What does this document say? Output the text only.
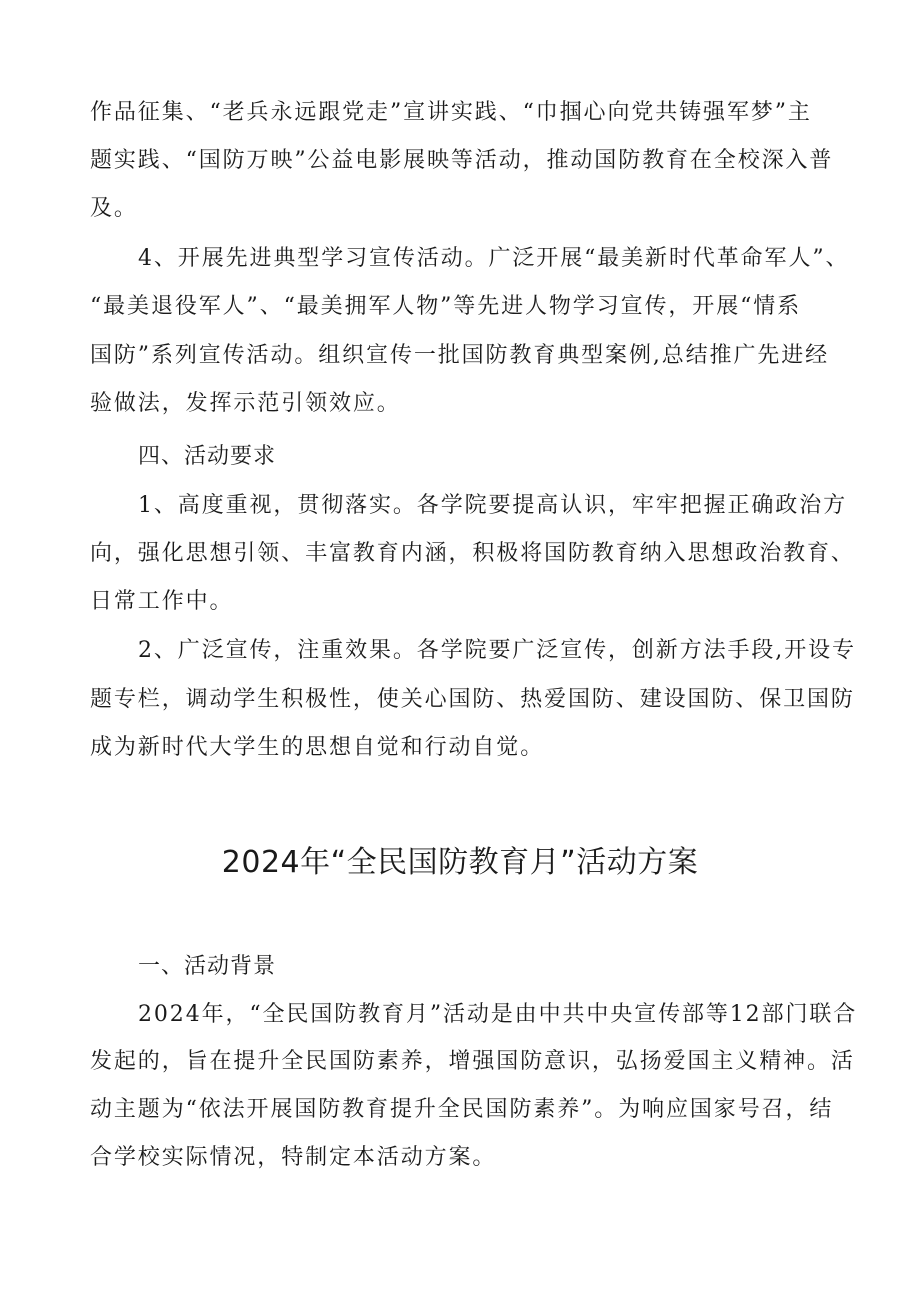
作品征集、“老兵永远跟党走”宣讲实践、“巾掴心向党共铸强军梦”主
题实践、“国防万映”公益电影展映等活动，推动国防教育在全校深入普
及。
4、开展先进典型学习宣传活动。广泛开展“最美新时代革命军人”、
“最美退役军人”、“最美拥军人物”等先进人物学习宣传，开展“情系
国防”系列宣传活动。组织宣传一批国防教育典型案例,总结推广先进经
验做法，发挥示范引领效应。
四、活动要求
1、高度重视，贯彻落实。各学院要提高认识，牢牢把握正确政治方
向，强化思想引领、丰富教育内涵，积极将国防教育纳入思想政治教育、
日常工作中。
2、广泛宣传，注重效果。各学院要广泛宣传，创新方法手段,开设专
题专栏，调动学生积极性，使关心国防、热爱国防、建设国防、保卫国防
成为新时代大学生的思想自觉和行动自觉。
2024年“全民国防教育月”活动方案
一、活动背景
2024年，“全民国防教育月”活动是由中共中央宣传部等12部门联合
发起的，旨在提升全民国防素养，增强国防意识，弘扬爱国主义精神。活
动主题为“依法开展国防教育提升全民国防素养”。为响应国家号召，结
合学校实际情况，特制定本活动方案。
